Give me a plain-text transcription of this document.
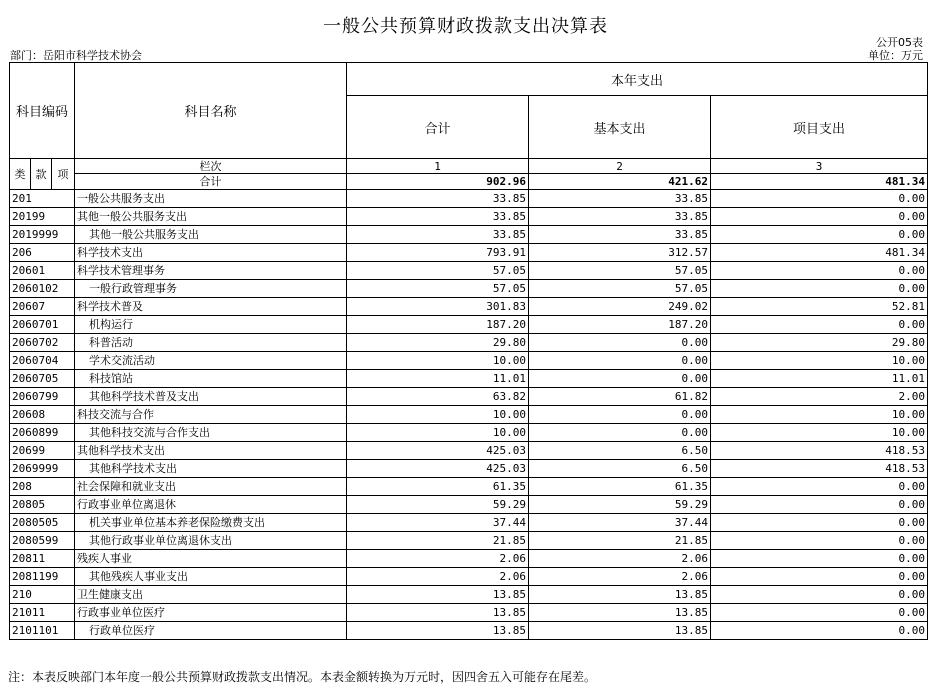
一般公共预算财政拨款支出决算表
公开05表
部门：岳阳市科学技术协会	单位：万元
科目编码			科目名称	本年支出		
				合计	基本支出	项目支出
类	款	项	栏次	1	2	3
			合计	902.96	421.62	481.34
201			一般公共服务支出	33.85	33.85	0.00
20199			其他一般公共服务支出	33.85	33.85	0.00
2019999			其他一般公共服务支出	33.85	33.85	0.00
206			科学技术支出	793.91	312.57	481.34
20601			科学技术管理事务	57.05	57.05	0.00
2060102			一般行政管理事务	57.05	57.05	0.00
20607			科学技术普及	301.83	249.02	52.81
2060701			机构运行	187.20	187.20	0.00
2060702			科普活动	29.80	0.00	29.80
2060704			学术交流活动	10.00	0.00	10.00
2060705			科技馆站	11.01	0.00	11.01
2060799			其他科学技术普及支出	63.82	61.82	2.00
20608			科技交流与合作	10.00	0.00	10.00
2060899			其他科技交流与合作支出	10.00	0.00	10.00
20699			其他科学技术支出	425.03	6.50	418.53
2069999			其他科学技术支出	425.03	6.50	418.53
208			社会保障和就业支出	61.35	61.35	0.00
20805			行政事业单位离退休	59.29	59.29	0.00
2080505			机关事业单位基本养老保险缴费支出	37.44	37.44	0.00
2080599			其他行政事业单位离退休支出	21.85	21.85	0.00
20811			残疾人事业	2.06	2.06	0.00
2081199			其他残疾人事业支出	2.06	2.06	0.00
210			卫生健康支出	13.85	13.85	0.00
21011			行政事业单位医疗	13.85	13.85	0.00
2101101			行政单位医疗	13.85	13.85	0.00
注：本表反映部门本年度一般公共预算财政拨款支出情况。本表金额转换为万元时，因四舍五入可能存在尾差。
